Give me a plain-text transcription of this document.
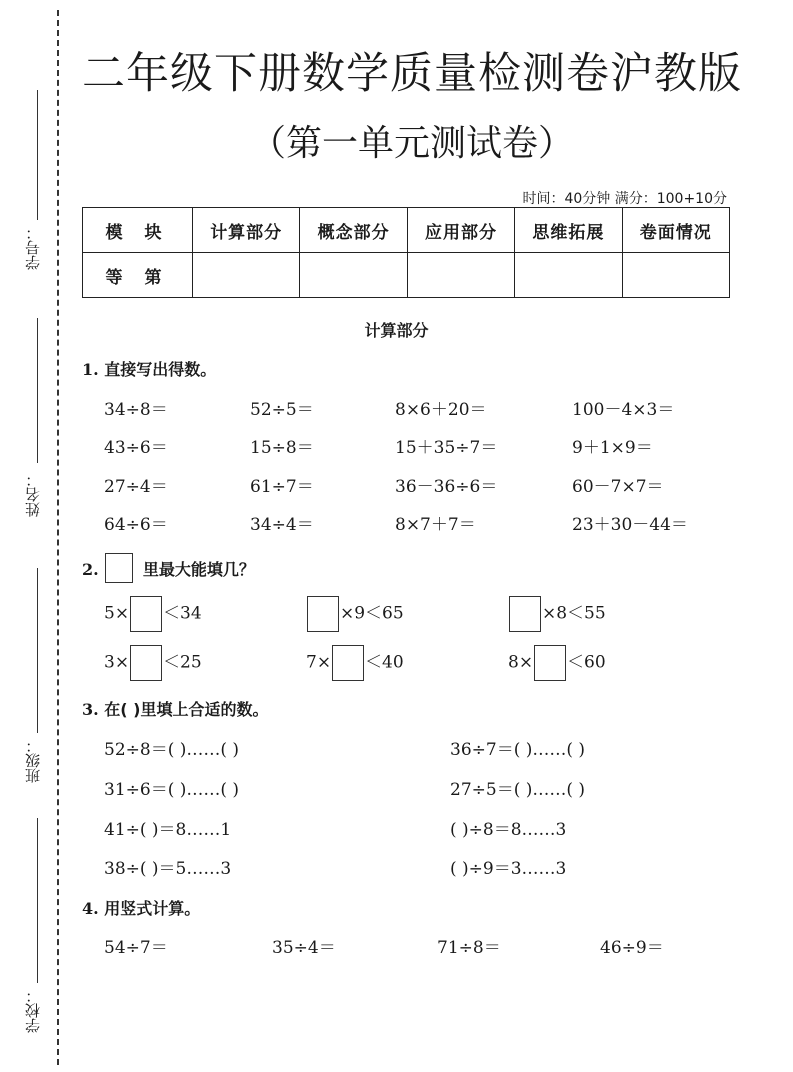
学号：
姓名：
班级：
学校：
二年级下册数学质量检测卷沪教版
（第一单元测试卷）
时间：40分钟 满分：100+10分
模 块	计算部分	概念部分	应用部分	思维拓展	卷面情况
等 第					
计算部分
1. 直接写出得数。
34÷8＝	52÷5＝	8×6＋20＝	100－4×3＝
43÷6＝	15÷8＝	15＋35÷7＝	9＋1×9＝
27÷4＝	61÷7＝	36－36÷6＝	60－7×7＝
64÷6＝	34÷4＝	8×7＋7＝	23＋30－44＝
2.	里最大能填几？
5× ＜34	×9＜65	×8＜55
3× ＜25	7× ＜40	8× ＜60
3. 在( )里填上合适的数。
52÷8＝( )……( )	36÷7＝( )……( )
31÷6＝( )……( )	27÷5＝( )……( )
41÷( )＝8……1	( )÷8＝8……3
38÷( )＝5……3	( )÷9＝3……3
4. 用竖式计算。
54÷7＝	35÷4＝	71÷8＝	46÷9＝
